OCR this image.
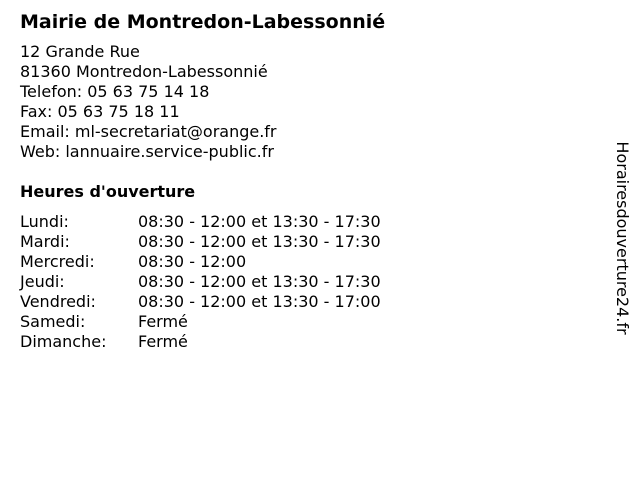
Mairie de Montredon-Labessonnié
12 Grande Rue
81360 Montredon-Labessonnié
Telefon: 05 63 75 14 18
Fax: 05 63 75 18 11
Email: ml-secretariat@orange.fr
Web: lannuaire.service-public.fr
Heures d'ouverture
Lundi:	08:30 - 12:00 et 13:30 - 17:30
Mardi:	08:30 - 12:00 et 13:30 - 17:30
Mercredi:	08:30 - 12:00
Jeudi:	08:30 - 12:00 et 13:30 - 17:30
Vendredi:	08:30 - 12:00 et 13:30 - 17:00
Samedi:	Fermé
Dimanche:	Fermé
Horairesdouverture24.fr
